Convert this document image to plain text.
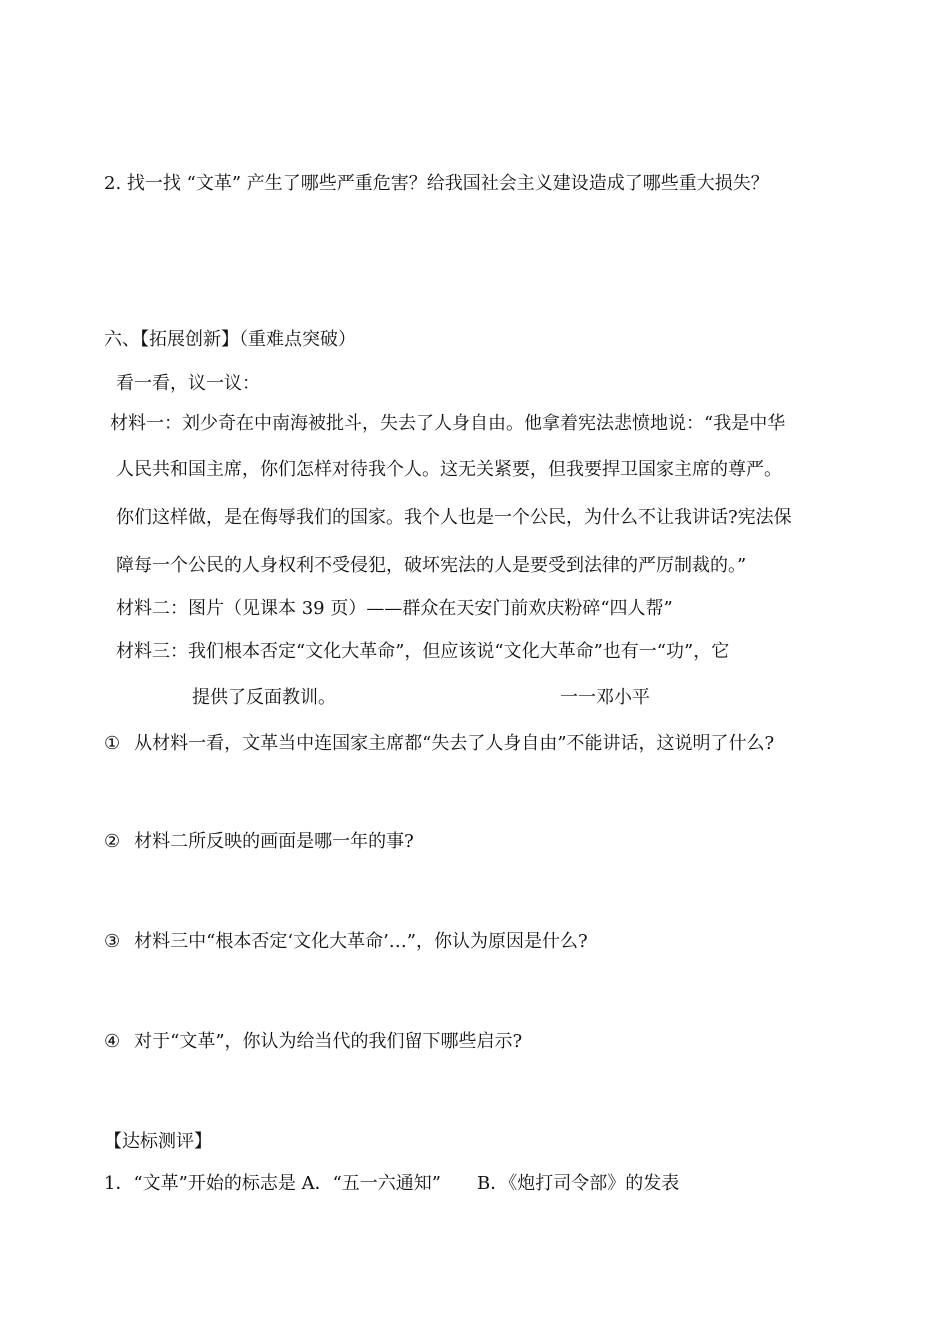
2. 找一找 “文革” 产生了哪些严重危害？给我国社会主义建设造成了哪些重大损失？
六、【拓展创新】（重难点突破）
看一看，议一议：
材料一：刘少奇在中南海被批斗，失去了人身自由。他拿着宪法悲愤地说：“我是中华
人民共和国主席，你们怎样对待我个人。这无关紧要，但我要捍卫国家主席的尊严。
你们这样做，是在侮辱我们的国家。我个人也是一个公民，为什么不让我讲话?宪法保
障每一个公民的人身权利不受侵犯，破坏宪法的人是要受到法律的严厉制裁的。”
材料二：图片（见课本 39 页）——群众在天安门前欢庆粉碎“四人帮”
材料三：我们根本否定“文化大革命”，但应该说“文化大革命”也有一“功”，它
提供了反面教训。	一一邓小平
① 从材料一看，文革当中连国家主席都“失去了人身自由”不能讲话，这说明了什么?
② 材料二所反映的画面是哪一年的事?
③ 材料三中“根本否定‘文化大革命’…”，你认为原因是什么?
④ 对于“文革”，你认为给当代的我们留下哪些启示?
【达标测评】
1．“文革”开始的标志是 A．“五一六通知”　　B．《炮打司令部》的发表
